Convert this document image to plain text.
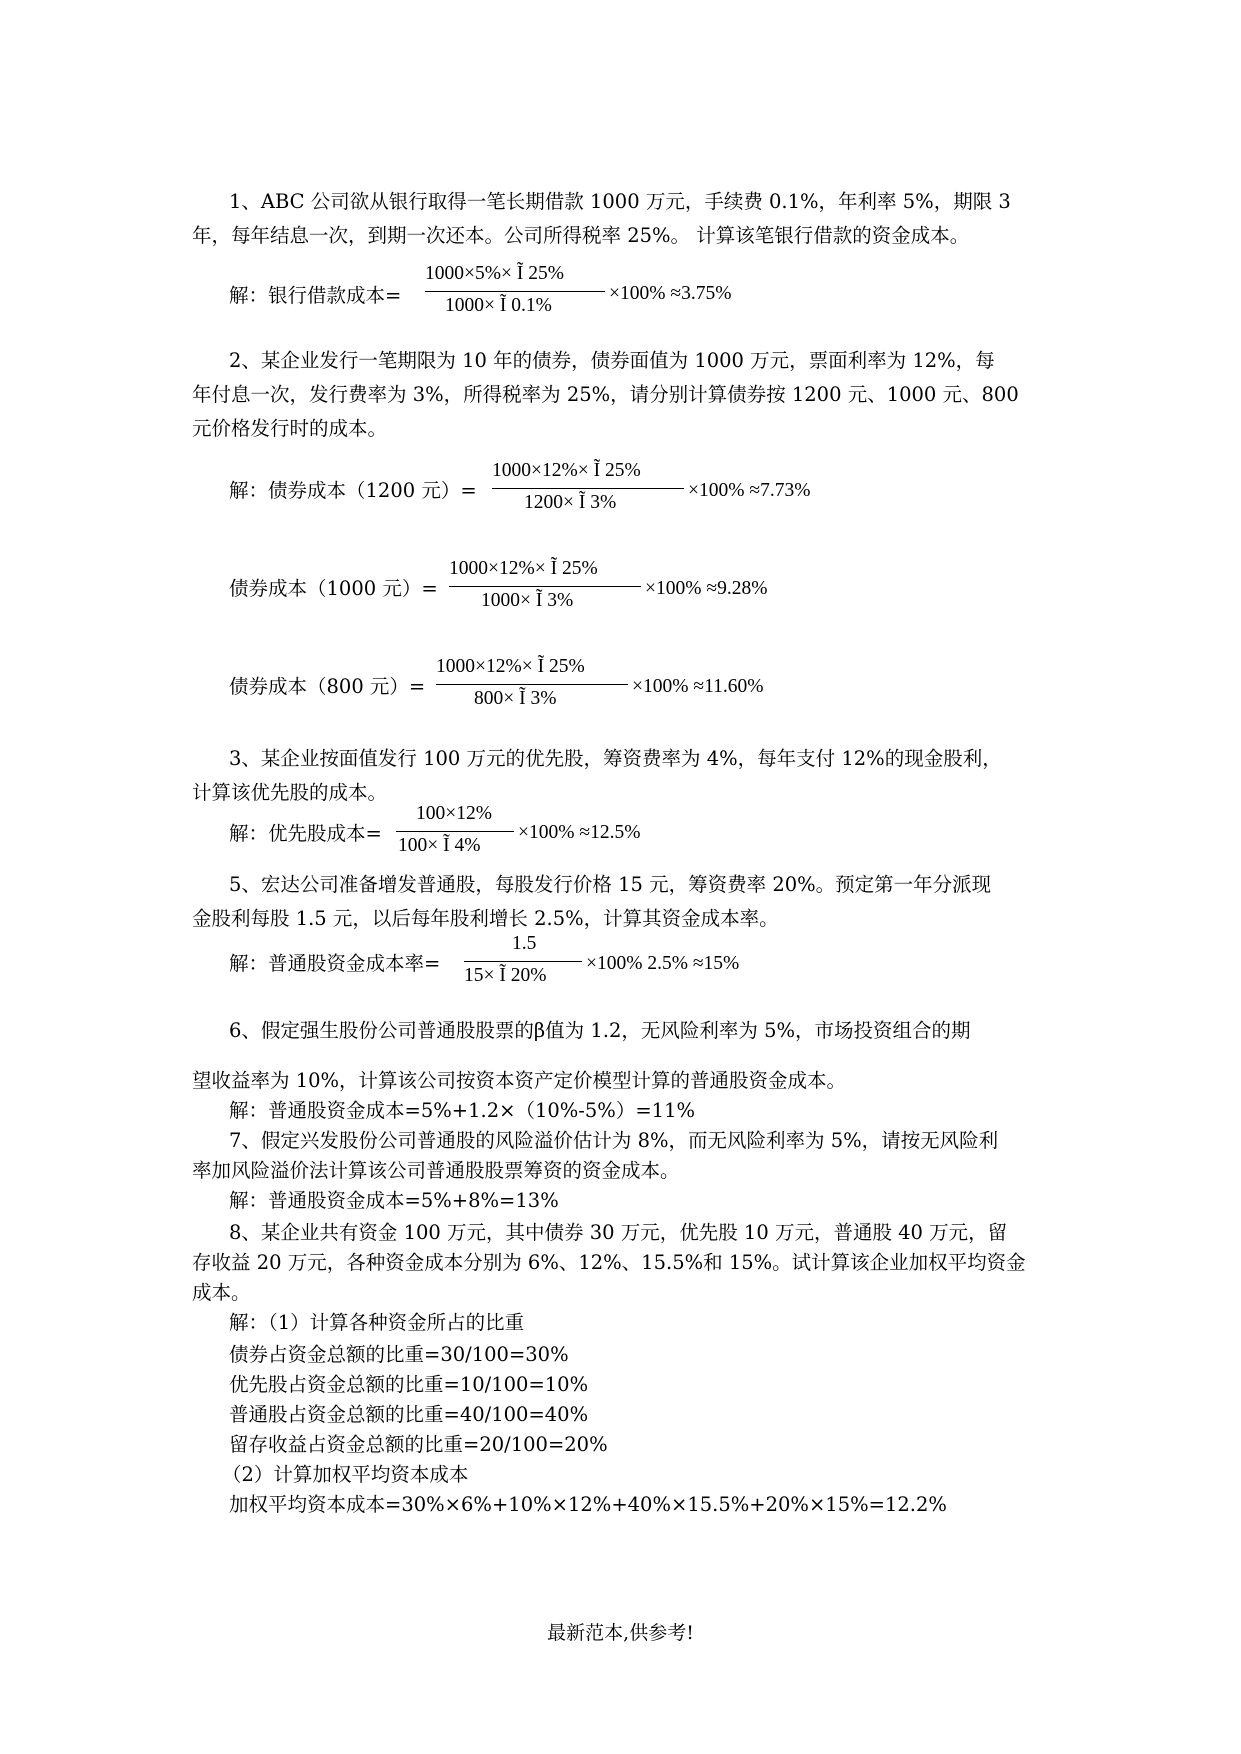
1、ABC 公司欲从银行取得一笔长期借款 1000 万元，手续费 0.1%，年利率 5%，期限 3
年，每年结息一次，到期一次还本。公司所得税率 25%。 计算该笔银行借款的资金成本。
解：银行借款成本=
1000×5%× Ĩ 25%
1000× Ĩ 0.1%
×100% ≈3.75%
2、某企业发行一笔期限为 10 年的债券，债券面值为 1000 万元，票面利率为 12%，每
年付息一次，发行费率为 3%，所得税率为 25%，请分别计算债券按 1200 元、1000 元、800
元价格发行时的成本。
解：债券成本（1200 元）=
1000×12%× Ĩ 25%
1200× Ĩ 3%
×100% ≈7.73%
债券成本（1000 元）=
1000×12%× Ĩ 25%
1000× Ĩ 3%
×100% ≈9.28%
债券成本（800 元）=
1000×12%× Ĩ 25%
800× Ĩ 3%
×100% ≈11.60%
3、某企业按面值发行 100 万元的优先股，筹资费率为 4%，每年支付 12%的现金股利，
计算该优先股的成本。
解：优先股成本=
100×12%
100× Ĩ 4%
×100% ≈12.5%
5、宏达公司准备增发普通股，每股发行价格 15 元，筹资费率 20%。预定第一年分派现
金股利每股 1.5 元，以后每年股利增长 2.5%，计算其资金成本率。
解：普通股资金成本率=
1.5
15× Ĩ 20%
×100% 2.5% ≈15%
6、假定强生股份公司普通股股票的β值为 1.2，无风险利率为 5%，市场投资组合的期
望收益率为 10%，计算该公司按资本资产定价模型计算的普通股资金成本。
解：普通股资金成本=5%+1.2×（10%-5%）=11%
7、假定兴发股份公司普通股的风险溢价估计为 8%，而无风险利率为 5%，请按无风险利
率加风险溢价法计算该公司普通股股票筹资的资金成本。
解：普通股资金成本=5%+8%=13%
8、某企业共有资金 100 万元，其中债券 30 万元，优先股 10 万元，普通股 40 万元，留
存收益 20 万元，各种资金成本分别为 6%、12%、15.5%和 15%。试计算该企业加权平均资金
成本。
解：（1）计算各种资金所占的比重
债券占资金总额的比重=30/100=30%
优先股占资金总额的比重=10/100=10%
普通股占资金总额的比重=40/100=40%
留存收益占资金总额的比重=20/100=20%
（2）计算加权平均资本成本
加权平均资本成本=30%×6%+10%×12%+40%×15.5%+20%×15%=12.2%
最新范本,供参考!
